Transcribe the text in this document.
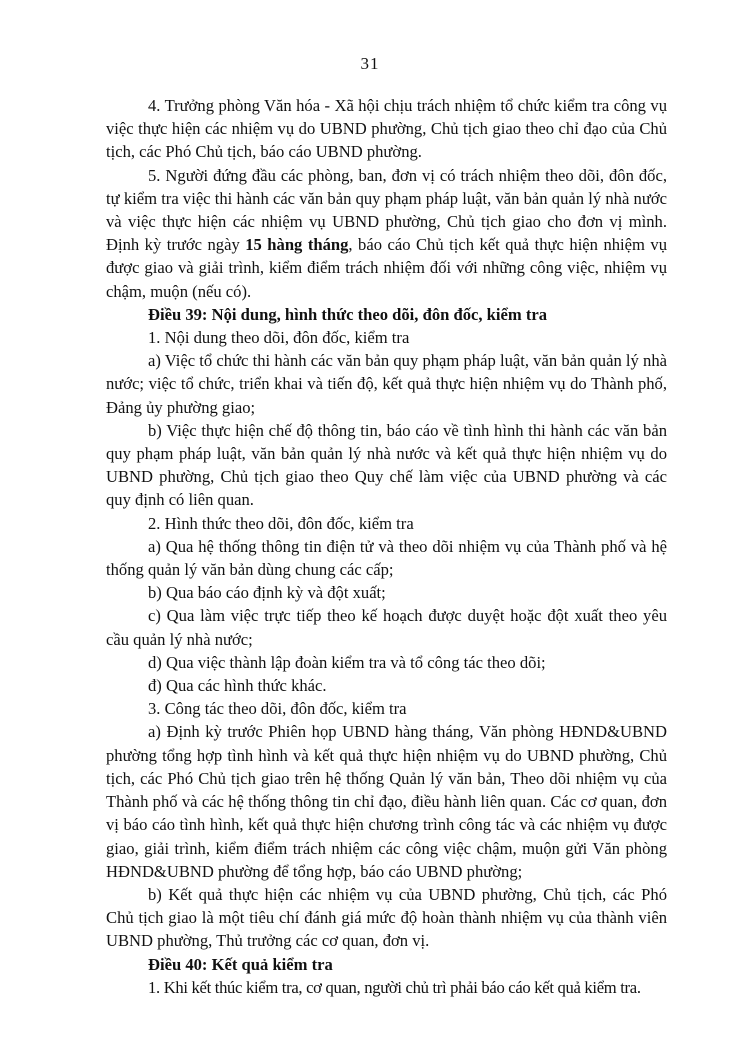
31

4. Trưởng phòng Văn hóa - Xã hội chịu trách nhiệm tổ chức kiểm tra công vụ việc thực hiện các nhiệm vụ do UBND phường, Chủ tịch giao theo chỉ đạo của Chủ tịch, các Phó Chủ tịch, báo cáo UBND phường.

5. Người đứng đầu các phòng, ban, đơn vị có trách nhiệm theo dõi, đôn đốc, tự kiểm tra việc thi hành các văn bản quy phạm pháp luật, văn bản quản lý nhà nước và việc thực hiện các nhiệm vụ UBND phường, Chủ tịch giao cho đơn vị mình. Định kỳ trước ngày 15 hàng tháng, báo cáo Chủ tịch kết quả thực hiện nhiệm vụ được giao và giải trình, kiểm điểm trách nhiệm đối với những công việc, nhiệm vụ chậm, muộn (nếu có).

Điều 39: Nội dung, hình thức theo dõi, đôn đốc, kiểm tra

1. Nội dung theo dõi, đôn đốc, kiểm tra

a) Việc tổ chức thi hành các văn bản quy phạm pháp luật, văn bản quản lý nhà nước; việc tổ chức, triển khai và tiến độ, kết quả thực hiện nhiệm vụ do Thành phố, Đảng ủy phường giao;

b) Việc thực hiện chế độ thông tin, báo cáo về tình hình thi hành các văn bản quy phạm pháp luật, văn bản quản lý nhà nước và kết quả thực hiện nhiệm vụ do UBND phường, Chủ tịch giao theo Quy chế làm việc của UBND phường và các quy định có liên quan.

2. Hình thức theo dõi, đôn đốc, kiểm tra

a) Qua hệ thống thông tin điện tử và theo dõi nhiệm vụ của Thành phố và hệ thống quản lý văn bản dùng chung các cấp;

b) Qua báo cáo định kỳ và đột xuất;

c) Qua làm việc trực tiếp theo kế hoạch được duyệt hoặc đột xuất theo yêu cầu quản lý nhà nước;

d) Qua việc thành lập đoàn kiểm tra và tổ công tác theo dõi;

đ) Qua các hình thức khác.

3. Công tác theo dõi, đôn đốc, kiểm tra

a) Định kỳ trước Phiên họp UBND hàng tháng, Văn phòng HĐND&UBND phường tổng hợp tình hình và kết quả thực hiện nhiệm vụ do UBND phường, Chủ tịch, các Phó Chủ tịch giao trên hệ thống Quản lý văn bản, Theo dõi nhiệm vụ của Thành phố và các hệ thống thông tin chỉ đạo, điều hành liên quan. Các cơ quan, đơn vị báo cáo tình hình, kết quả thực hiện chương trình công tác và các nhiệm vụ được giao, giải trình, kiểm điểm trách nhiệm các công việc chậm, muộn gửi Văn phòng HĐND&UBND phường để tổng hợp, báo cáo UBND phường;

b) Kết quả thực hiện các nhiệm vụ của UBND phường, Chủ tịch, các Phó Chủ tịch giao là một tiêu chí đánh giá mức độ hoàn thành nhiệm vụ của thành viên UBND phường, Thủ trưởng các cơ quan, đơn vị.

Điều 40: Kết quả kiểm tra

1. Khi kết thúc kiểm tra, cơ quan, người chủ trì phải báo cáo kết quả kiểm tra.
